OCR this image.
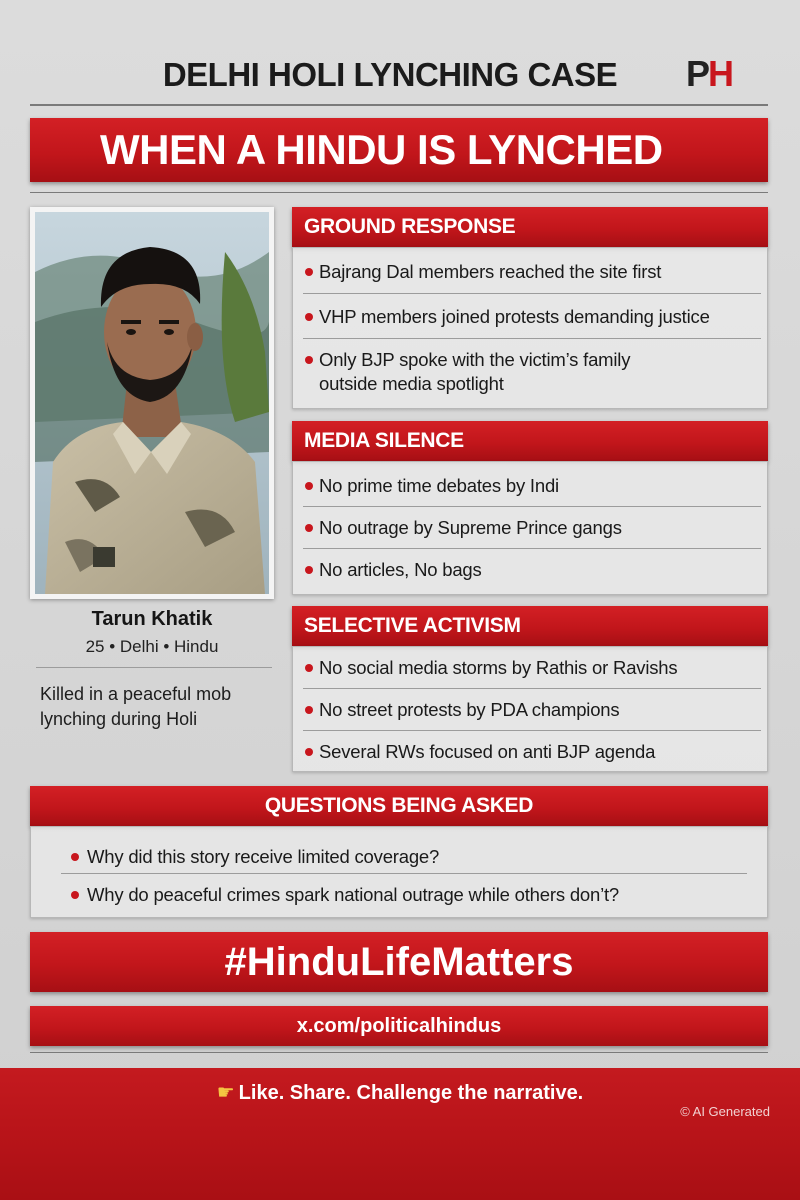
DELHI HOLI LYNCHING CASE	PH
WHEN A HINDU IS LYNCHED
Tarun Khatik
25 • Delhi • Hindu
Killed in a peaceful mob lynching during Holi
GROUND RESPONSE
Bajrang Dal members reached the site first
VHP members joined protests demanding justice
Only BJP spoke with the victim’s family outside media spotlight
MEDIA SILENCE
No prime time debates by Indi
No outrage by Supreme Prince gangs
No articles, No bags
SELECTIVE ACTIVISM
No social media storms by Rathis or Ravishs
No street protests by PDA champions
Several RWs focused on anti BJP agenda
QUESTIONS BEING ASKED
Why did this story receive limited coverage?
Why do peaceful crimes spark national outrage while others don’t?
#HinduLifeMatters
x.com/politicalhindus
☛ Like. Share. Challenge the narrative.
© AI Generated
